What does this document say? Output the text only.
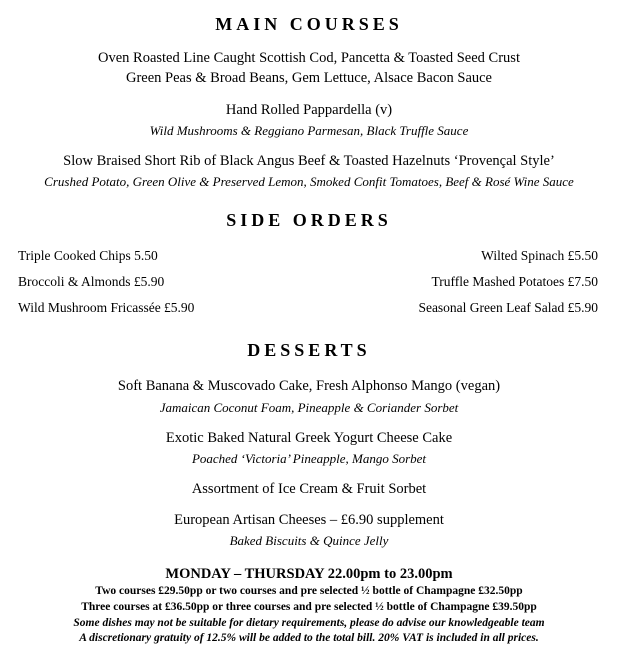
MAIN COURSES
Oven Roasted Line Caught Scottish Cod, Pancetta & Toasted Seed Crust
Green Peas & Broad Beans, Gem Lettuce, Alsace Bacon Sauce
Hand Rolled Pappardella (v)
Wild Mushrooms & Reggiano Parmesan, Black Truffle Sauce
Slow Braised Short Rib of Black Angus Beef & Toasted Hazelnuts ‘Provençal Style’
Crushed Potato, Green Olive & Preserved Lemon, Smoked Confit Tomatoes, Beef & Rosé Wine Sauce
SIDE ORDERS
Triple Cooked Chips 5.50
Broccoli & Almonds £5.90
Wild Mushroom Fricassée £5.90
Wilted Spinach £5.50
Truffle Mashed Potatoes £7.50
Seasonal Green Leaf Salad £5.90
DESSERTS
Soft Banana & Muscovado Cake, Fresh Alphonso Mango (vegan)
Jamaican Coconut Foam, Pineapple & Coriander Sorbet
Exotic Baked Natural Greek Yogurt Cheese Cake
Poached ‘Victoria’ Pineapple, Mango Sorbet
Assortment of Ice Cream & Fruit Sorbet
European Artisan Cheeses – £6.90 supplement
Baked Biscuits & Quince Jelly
MONDAY – THURSDAY 22.00pm to 23.00pm
Two courses £29.50pp or two courses and pre selected ½ bottle of Champagne £32.50pp
Three courses at £36.50pp or three courses and pre selected ½ bottle of Champagne £39.50pp
Some dishes may not be suitable for dietary requirements, please do advise our knowledgeable team
A discretionary gratuity of 12.5% will be added to the total bill. 20% VAT is included in all prices.
